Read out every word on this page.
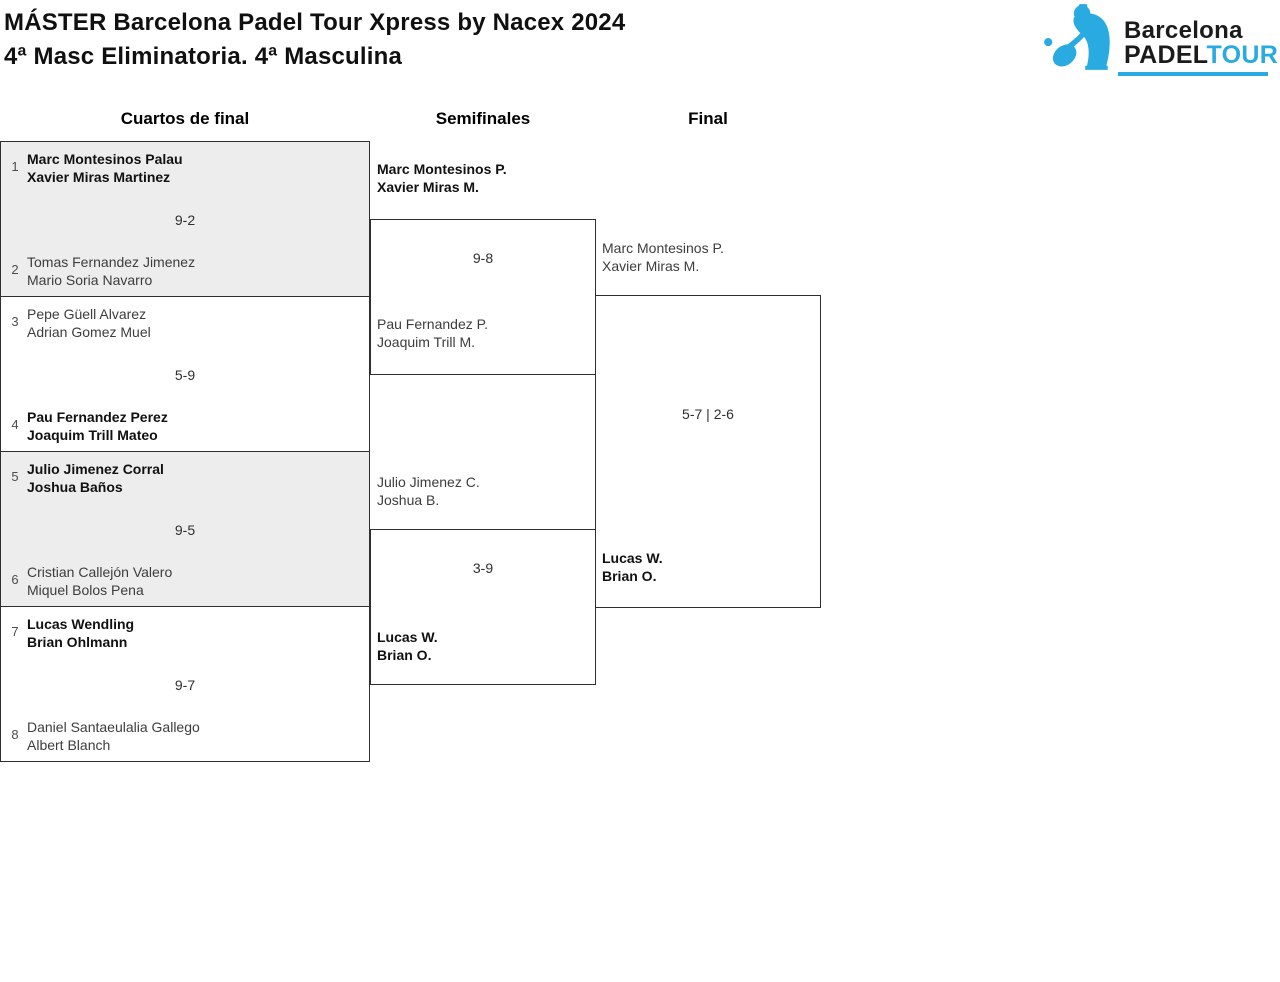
MÁSTER Barcelona Padel Tour Xpress by Nacex 2024
4ª Masc Eliminatoria. 4ª Masculina
Barcelona
PADELTOUR
Cuartos de final	Semifinales	Final
1 Marc Montesinos Palau
Xavier Miras Martinez
9-2
2 Tomas Fernandez Jimenez
Mario Soria Navarro
3 Pepe Güell Alvarez
Adrian Gomez Muel
5-9
4 Pau Fernandez Perez
Joaquim Trill Mateo
5 Julio Jimenez Corral
Joshua Baños
9-5
6 Cristian Callejón Valero
Miquel Bolos Pena
7 Lucas Wendling
Brian Ohlmann
9-7
8 Daniel Santaeulalia Gallego
Albert Blanch
9-8
3-9
5-7 | 2-6
Marc Montesinos P.
Xavier Miras M.
Pau Fernandez P.
Joaquim Trill M.
Julio Jimenez C.
Joshua B.
Lucas W.
Brian O.
Marc Montesinos P.
Xavier Miras M.
Lucas W.
Brian O.
